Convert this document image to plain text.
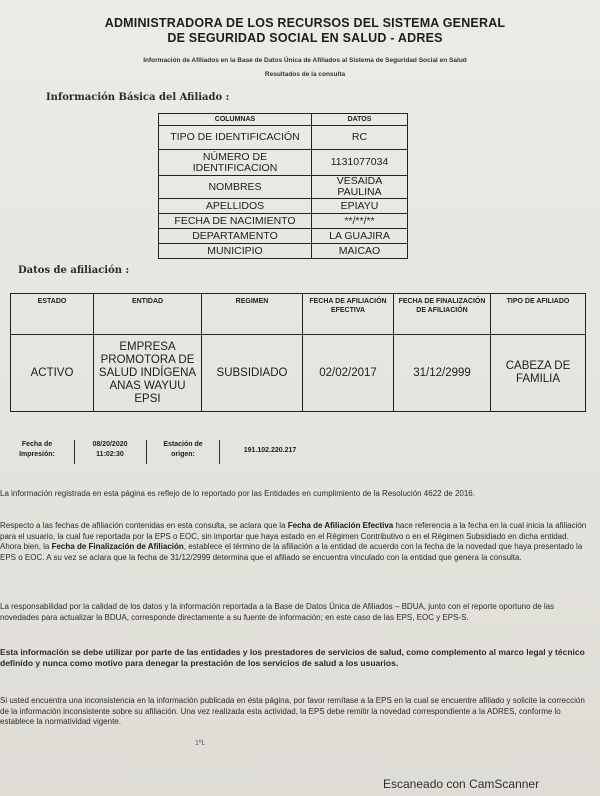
ADMINISTRADORA DE LOS RECURSOS DEL SISTEMA GENERAL
DE SEGURIDAD SOCIAL EN SALUD - ADRES
Información de Afiliados en la Base de Datos Única de Afiliados al Sistema de Seguridad Social en Salud
Resultados de la consulta
Información Básica del Afiliado :
COLUMNAS	DATOS
TIPO DE IDENTIFICACIÓN	RC
NÚMERO DE IDENTIFICACION	1131077034
NOMBRES	VESAIDA PAULINA
APELLIDOS	EPIAYU
FECHA DE NACIMIENTO	**/**/**
DEPARTAMENTO	LA GUAJIRA
MUNICIPIO	MAICAO
Datos de afiliación :
ESTADO	ENTIDAD	REGIMEN	FECHA DE AFILIACIÓN EFECTIVA	FECHA DE FINALIZACIÓN DE AFILIACIÓN	TIPO DE AFILIADO
ACTIVO	EMPRESA PROMOTORA DE SALUD INDÍGENA ANAS WAYUU EPSI	SUBSIDIADO	02/02/2017	31/12/2999	CABEZA DE FAMILIA
Fecha de Impresión:
08/20/2020
11:02:30
Estación de origen:
191.102.220.217
La información registrada en esta página es reflejo de lo reportado por las Entidades en cumplimiento de la Resolución 4622 de 2016.
Respecto a las fechas de afiliación contenidas en esta consulta, se aclara que la Fecha de Afiliación Efectiva hace referencia a la fecha en la cual inicia la afiliación para el usuario, la cual fue reportada por la EPS o EOC, sin importar que haya estado en el Régimen Contributivo o en el Régimen Subsidiado en dicha entidad. Ahora bien, la Fecha de Finalización de Afiliación, establece el término de la afiliación a la entidad de acuerdo con la fecha de la novedad que haya presentado la EPS o EOC. A su vez se aclara que la fecha de 31/12/2999 determina que el afiliado se encuentra vinculado con la entidad que genera la consulta.
La responsabilidad por la calidad de los datos y la información reportada a la Base de Datos Única de Afiliados – BDUA, junto con el reporte oportuno de las novedades para actualizar la BDUA, corresponde directamente a su fuente de información; en este caso de las EPS, EOC y EPS-S.
Esta información se debe utilizar por parte de las entidades y los prestadores de servicios de salud, como complemento al marco legal y técnico definido y nunca como motivo para denegar la prestación de los servicios de salud a los usuarios.
Si usted encuentra una inconsistencia en la información publicada en ésta página, por favor remítase a la EPS en la cual se encuentre afiliado y solicite la corrección de la información inconsistente sobre su afiliación. Una vez realizada esta actividad, la EPS debe remitir la novedad correspondiente a la ADRES, conforme lo establece la normatividad vigente.
1ºL
Escaneado con CamScanner
